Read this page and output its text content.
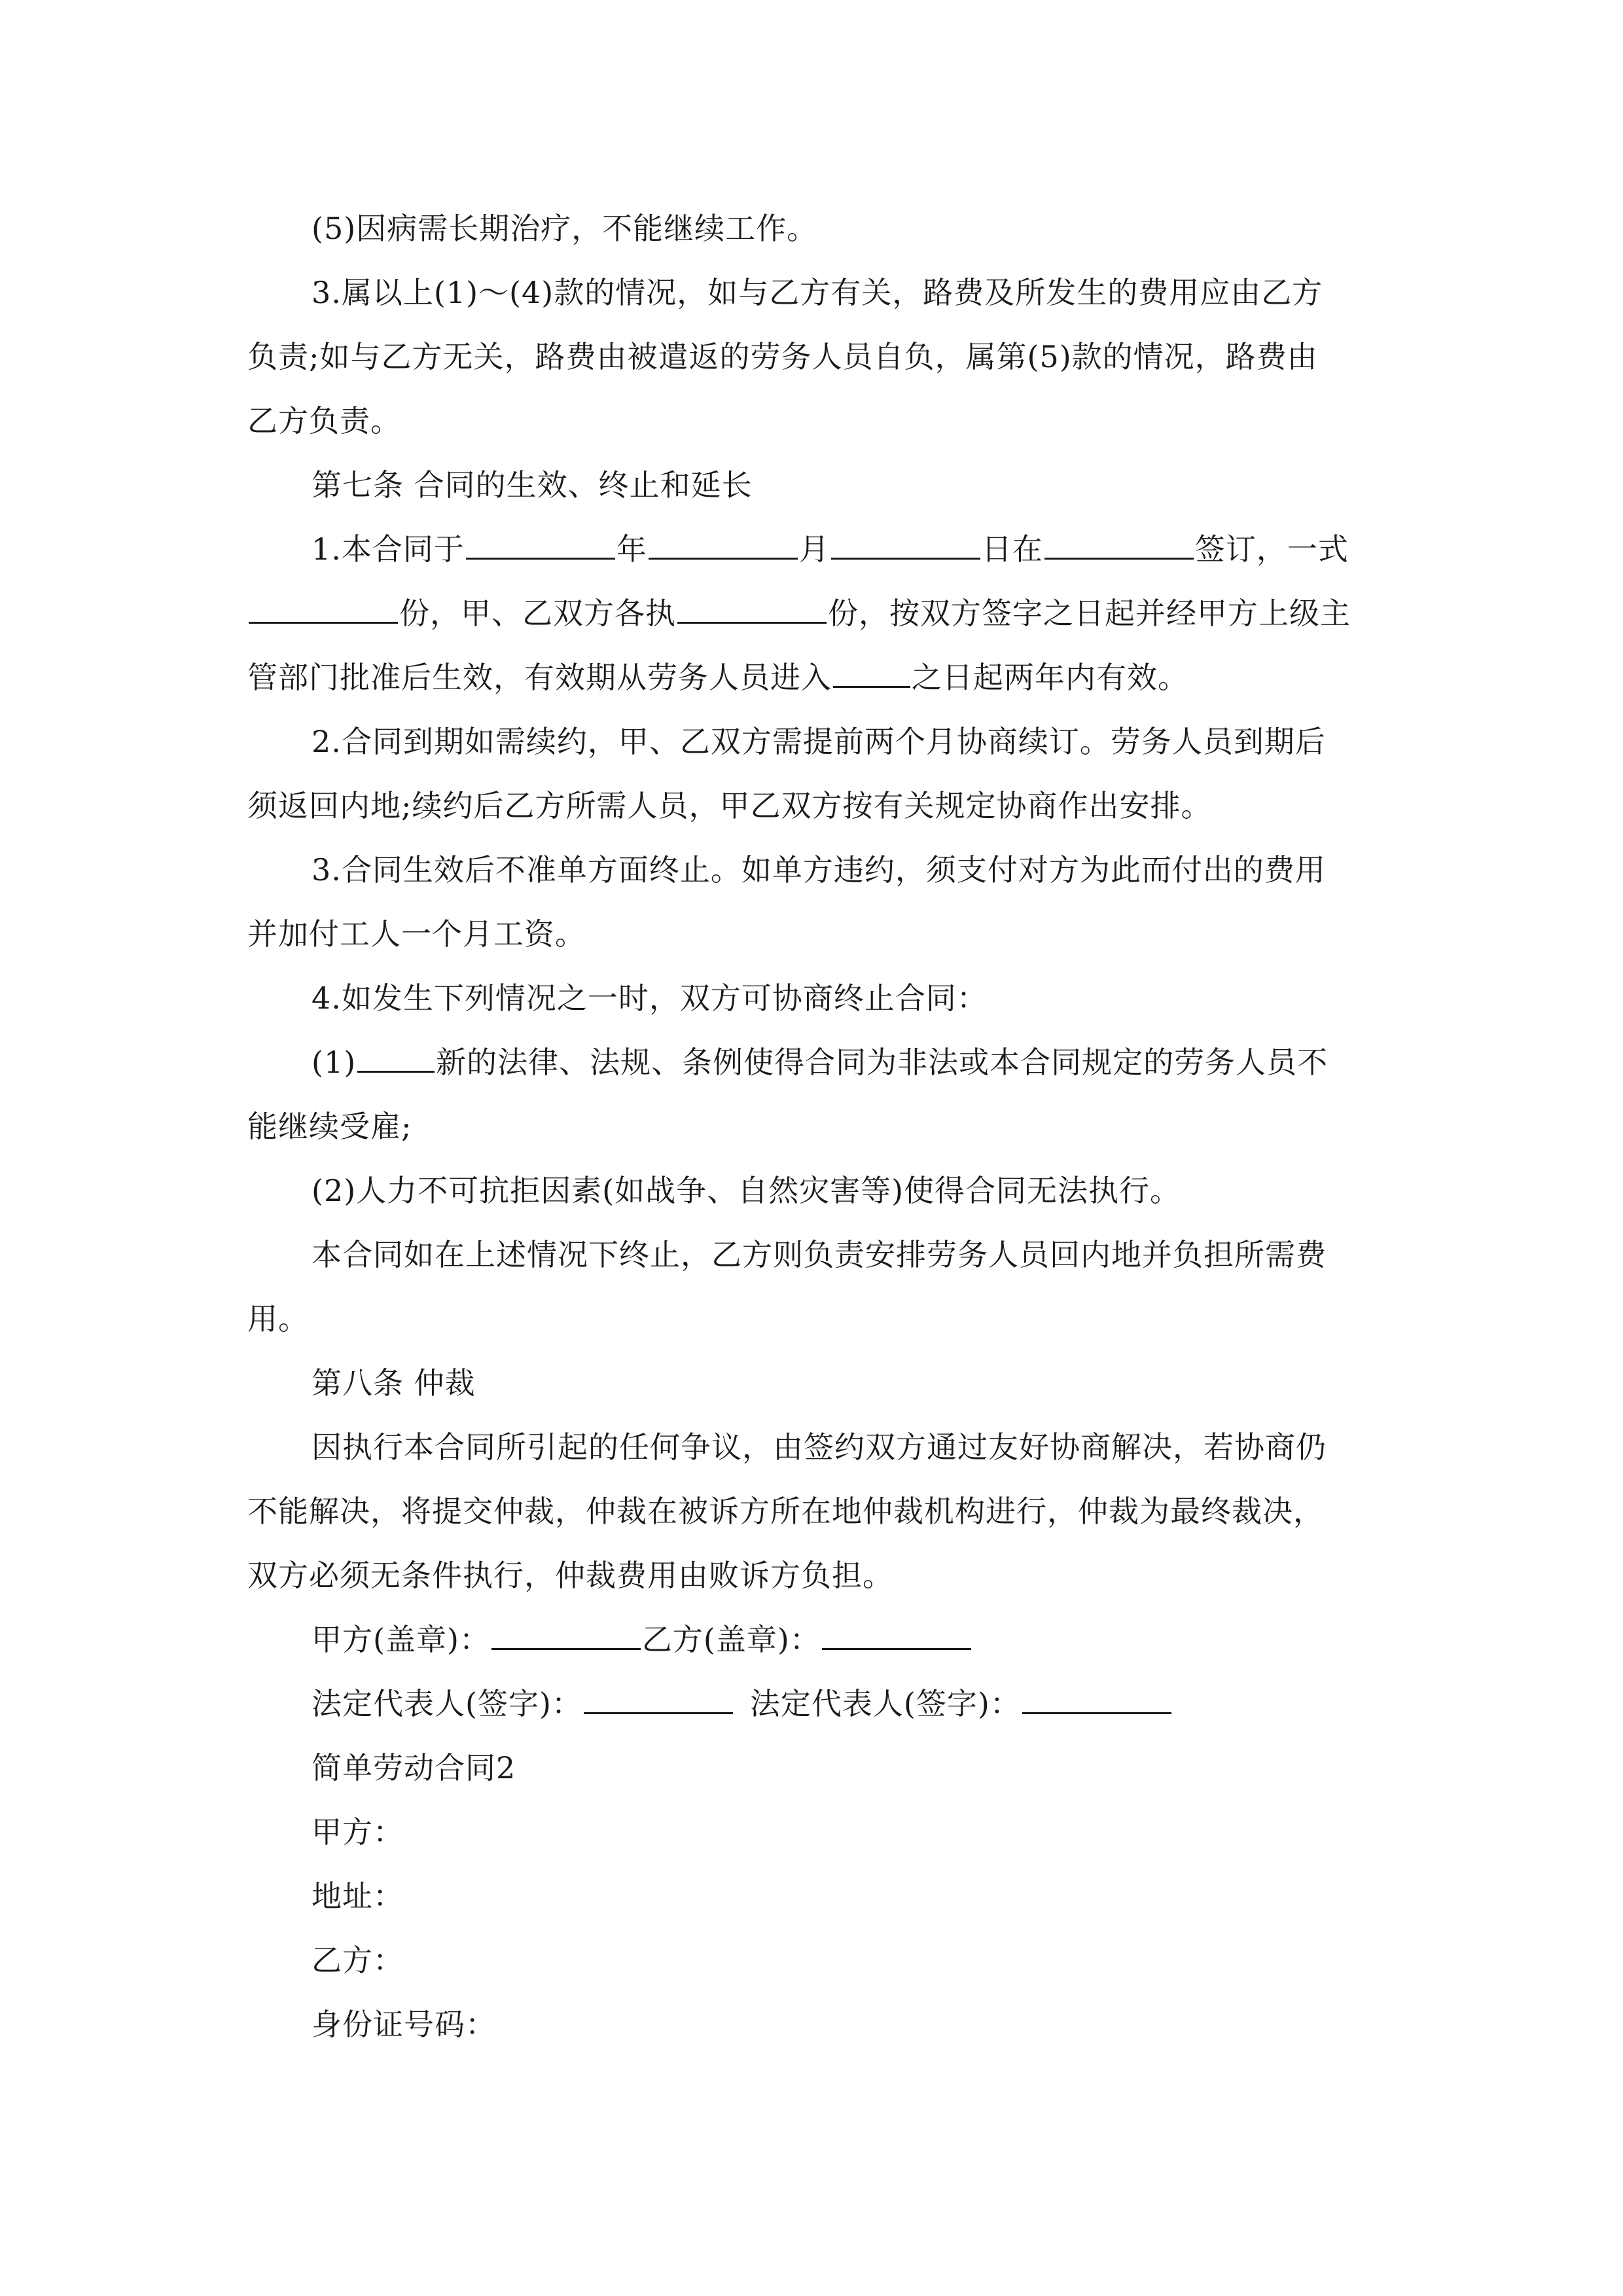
(5)因病需长期治疗，不能继续工作。
3.属以上(1)～(4)款的情况，如与乙方有关，路费及所发生的费用应由乙方
负责;如与乙方无关，路费由被遣返的劳务人员自负，属第(5)款的情况，路费由
乙方负责。
第七条 合同的生效、终止和延长
1.本合同于	年	月	日在	签订，一式
份，甲、乙双方各执	份，按双方签字之日起并经甲方上级主
管部门批准后生效，有效期从劳务人员进入	之日起两年内有效。
2.合同到期如需续约，甲、乙双方需提前两个月协商续订。劳务人员到期后
须返回内地;续约后乙方所需人员，甲乙双方按有关规定协商作出安排。
3.合同生效后不准单方面终止。如单方违约，须支付对方为此而付出的费用
并加付工人一个月工资。
4.如发生下列情况之一时，双方可协商终止合同：
(1)	新的法律、法规、条例使得合同为非法或本合同规定的劳务人员不
能继续受雇;
(2)人力不可抗拒因素(如战争、自然灾害等)使得合同无法执行。
本合同如在上述情况下终止，乙方则负责安排劳务人员回内地并负担所需费
用。
第八条 仲裁
因执行本合同所引起的任何争议，由签约双方通过友好协商解决，若协商仍
不能解决，将提交仲裁，仲裁在被诉方所在地仲裁机构进行，仲裁为最终裁决，
双方必须无条件执行，仲裁费用由败诉方负担。
甲方(盖章)：	乙方(盖章)：
法定代表人(签字)：	法定代表人(签字)：
简单劳动合同2
甲方：
地址：
乙方：
身份证号码：
